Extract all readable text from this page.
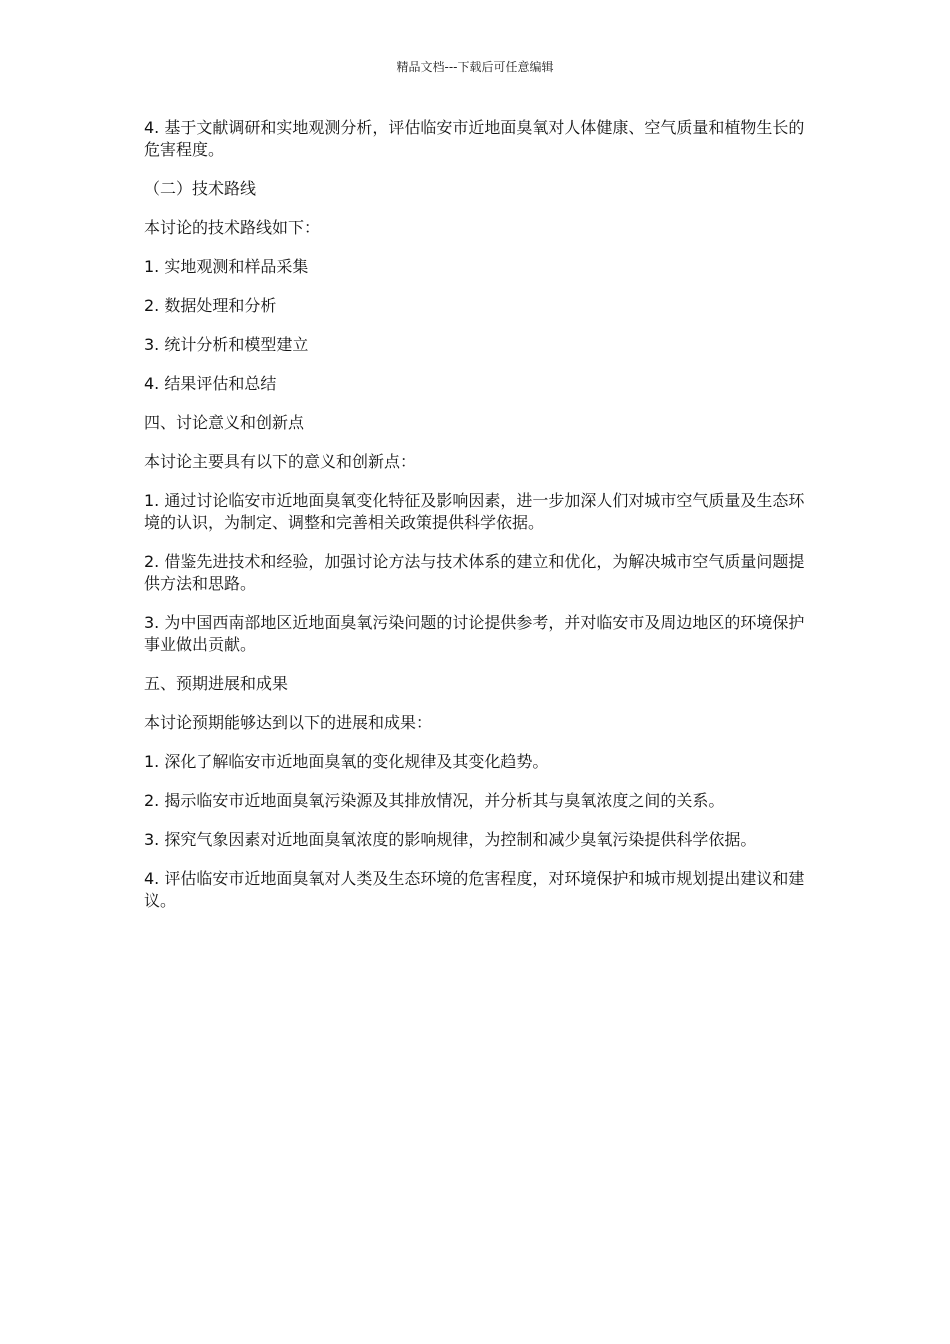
精品文档---下载后可任意编辑

4. 基于文献调研和实地观测分析，评估临安市近地面臭氧对人体健康、空气质量和植物生长的危害程度。

（二）技术路线

本讨论的技术路线如下：

1. 实地观测和样品采集

2. 数据处理和分析

3. 统计分析和模型建立

4. 结果评估和总结

四、讨论意义和创新点

本讨论主要具有以下的意义和创新点：

1. 通过讨论临安市近地面臭氧变化特征及影响因素，进一步加深人们对城市空气质量及生态环境的认识，为制定、调整和完善相关政策提供科学依据。

2. 借鉴先进技术和经验，加强讨论方法与技术体系的建立和优化，为解决城市空气质量问题提供方法和思路。

3. 为中国西南部地区近地面臭氧污染问题的讨论提供参考，并对临安市及周边地区的环境保护事业做出贡献。

五、预期进展和成果

本讨论预期能够达到以下的进展和成果：

1. 深化了解临安市近地面臭氧的变化规律及其变化趋势。

2. 揭示临安市近地面臭氧污染源及其排放情况，并分析其与臭氧浓度之间的关系。

3. 探究气象因素对近地面臭氧浓度的影响规律，为控制和减少臭氧污染提供科学依据。

4. 评估临安市近地面臭氧对人类及生态环境的危害程度，对环境保护和城市规划提出建议和建议。
